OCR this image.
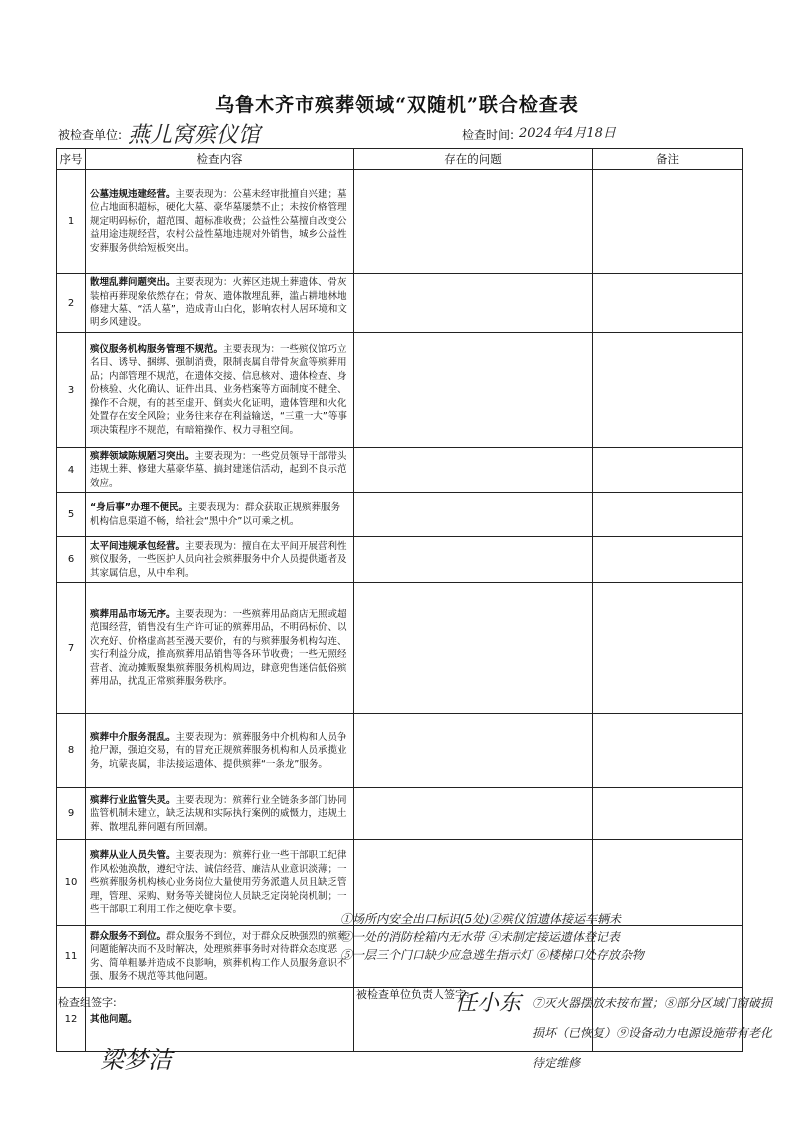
乌鲁木齐市殡葬领域“双随机”联合检查表
被检查单位: 燕儿窝殡仪馆	检查时间: 2024年4月18日
序号	检查内容	存在的问题	备注
1	公墓违规违建经营。主要表现为：公墓未经审批擅自兴建；墓位占地面积超标，硬化大墓、豪华墓屡禁不止；未按价格管理规定明码标价，超范围、超标准收费；公益性公墓擅自改变公益用途违规经营，农村公益性墓地违规对外销售，城乡公益性安葬服务供给短板突出。		
2	散埋乱葬问题突出。主要表现为：火葬区违规土葬遗体、骨灰装棺再葬现象依然存在；骨灰、遗体散埋乱葬，滥占耕地林地修建大墓、“活人墓”，造成青山白化，影响农村人居环境和文明乡风建设。		
3	殡仪服务机构服务管理不规范。主要表现为：一些殡仪馆巧立名目、诱导、捆绑、强制消费，限制丧属自带骨灰盒等殡葬用品；内部管理不规范，在遗体交接、信息核对、遗体检查、身份核验、火化确认、证件出具、业务档案等方面制度不健全、操作不合规，有的甚至虚开、倒卖火化证明，遗体管理和火化处置存在安全风险；业务往来存在利益输送，“三重一大”等事项决策程序不规范，有暗箱操作、权力寻租空间。		
4	殡葬领域陈规陋习突出。主要表现为：一些党员领导干部带头违规土葬、修建大墓豪华墓、搞封建迷信活动，起到不良示范效应。		
5	“身后事”办理不便民。主要表现为：群众获取正规殡葬服务机构信息渠道不畅，给社会“黑中介”以可乘之机。		
6	太平间违规承包经营。主要表现为：擅自在太平间开展营利性殡仪服务，一些医护人员向社会殡葬服务中介人员提供逝者及其家属信息，从中牟利。		
7	殡葬用品市场无序。主要表现为：一些殡葬用品商店无照或超范围经营，销售没有生产许可证的殡葬用品，不明码标价、以次充好、价格虚高甚至漫天要价，有的与殡葬服务机构勾连、实行利益分成，推高殡葬用品销售等各环节收费；一些无照经营者、流动摊贩聚集殡葬服务机构周边，肆意兜售迷信低俗殡葬用品，扰乱正常殡葬服务秩序。		
8	殡葬中介服务混乱。主要表现为：殡葬服务中介机构和人员争抢尸源，强迫交易，有的冒充正规殡葬服务机构和人员承揽业务，坑蒙丧属，非法接运遗体、提供殡葬“一条龙”服务。		
9	殡葬行业监管失灵。主要表现为：殡葬行业全链条多部门协同监管机制未建立，缺乏法规和实际执行案例的威慑力，违规土葬、散埋乱葬问题有所回潮。		
10	殡葬从业人员失管。主要表现为：殡葬行业一些干部职工纪律作风松弛涣散，遵纪守法、诚信经营、廉洁从业意识淡薄；一些殡葬服务机构核心业务岗位大量使用劳务派遣人员且缺乏管理，管理、采购、财务等关键岗位人员缺乏定岗轮岗机制；一些干部职工利用工作之便吃拿卡要。		
11	群众服务不到位。群众服务不到位，对于群众反映强烈的殡葬问题能解决而不及时解决，处理殡葬事务时对待群众态度恶劣、简单粗暴并造成不良影响，殡葬机构工作人员服务意识不强、服务不规范等其他问题。		
12	其他问题。		
①场所内安全出口标识(5处)②殡仪馆遗体接运车辆未
②一处的消防栓箱内无水带 ④未制定接运遗体登记表
⑤一层三个门口缺少应急逃生指示灯 ⑥楼梯口处存放杂物
⑦灭火器摆放未按布置；⑧部分区域门窗破损
损坏（已恢复）⑨设备动力电源设施带有老化
待定维修
检查组签字:
梁梦洁
被检查单位负责人签字:
任小东
